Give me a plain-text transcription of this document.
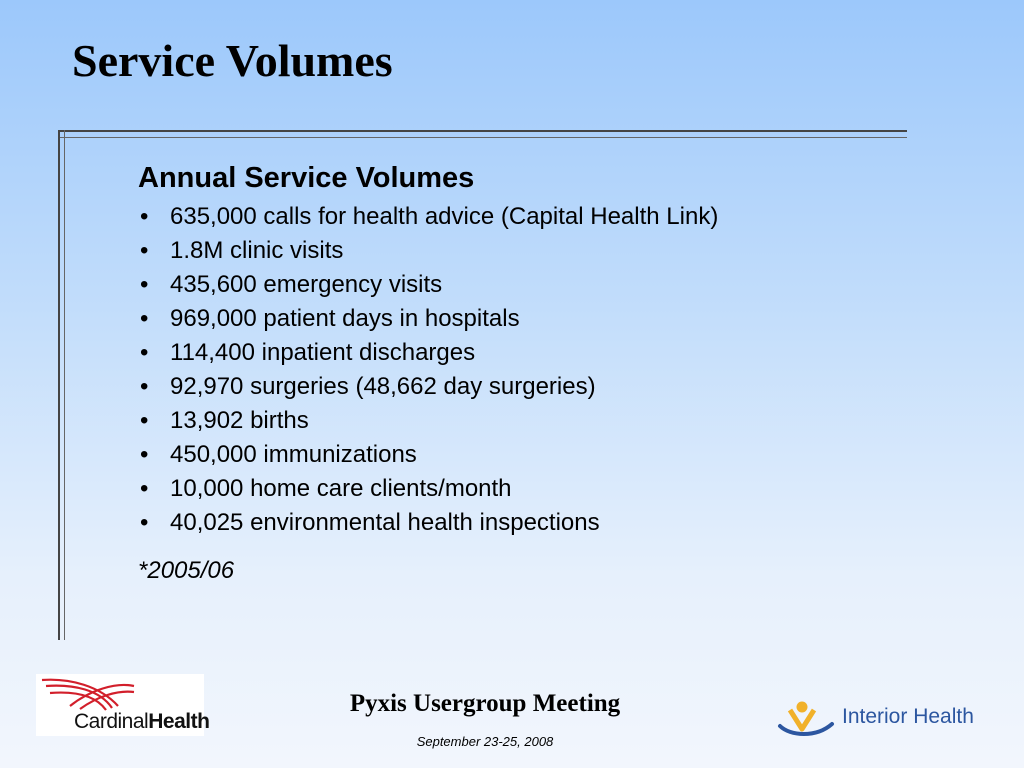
Service Volumes
Annual Service Volumes
• 635,000 calls for health advice (Capital Health Link)
• 1.8M clinic visits
• 435,600 emergency visits
• 969,000 patient days in hospitals
• 114,400 inpatient discharges
• 92,970 surgeries (48,662 day surgeries)
• 13,902 births
• 450,000 immunizations
• 10,000 home care clients/month
• 40,025 environmental health inspections
*2005/06
CardinalHealth
Pyxis Usergroup Meeting
September 23-25, 2008
Interior Health
